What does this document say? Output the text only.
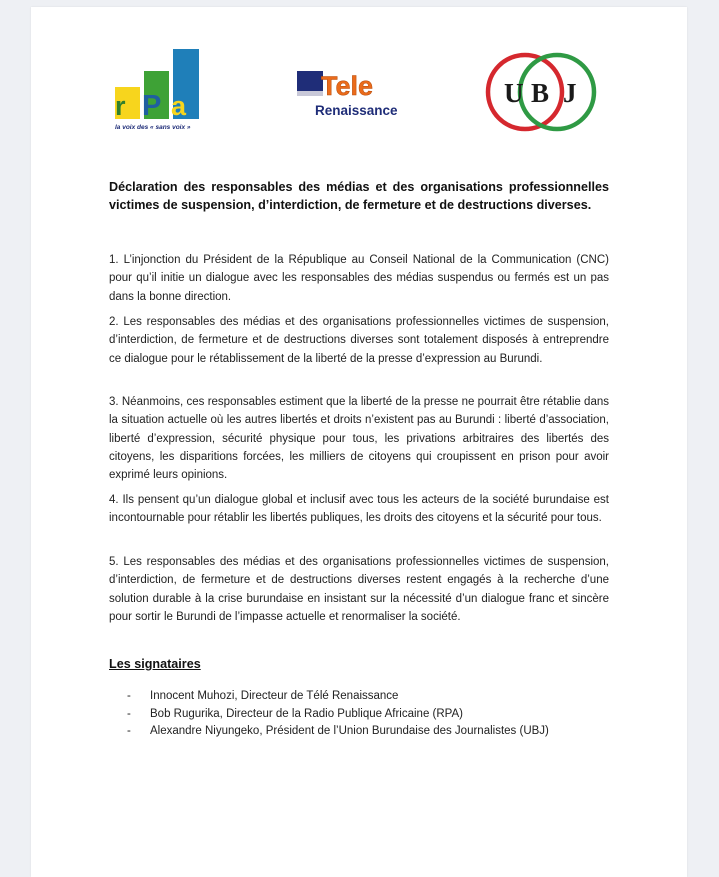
r P a
la voix des « sans voix »
Tele
Renaissance
U B J

Déclaration des responsables des médias et des organisations professionnelles victimes de suspension, d’interdiction, de fermeture et de destructions diverses.

1. L’injonction du Président de la République au Conseil National de la Communication (CNC) pour qu’il initie un dialogue avec les responsables des médias suspendus ou fermés est un pas dans la bonne direction.

2. Les responsables des médias et des organisations professionnelles victimes de suspension, d’interdiction, de fermeture et de destructions diverses sont totalement disposés à entreprendre ce dialogue pour le rétablissement de la liberté de la presse d’expression au Burundi.

3. Néanmoins, ces responsables estiment que la liberté de la presse ne pourrait être rétablie dans la situation actuelle où les autres libertés et droits n’existent pas au Burundi : liberté d’association, liberté d’expression, sécurité physique pour tous, les privations arbitraires des libertés des citoyens, les disparitions forcées, les milliers de citoyens qui croupissent en prison pour avoir exprimé leurs opinions.

4. Ils pensent qu’un dialogue global et inclusif avec tous les acteurs de la société burundaise est incontournable pour rétablir les libertés publiques, les droits des citoyens et la sécurité pour tous.

5. Les responsables des médias et des organisations professionnelles victimes de suspension, d’interdiction, de fermeture et de destructions diverses restent engagés à la recherche d’une solution durable à la crise burundaise en insistant sur la nécessité d’un dialogue franc et sincère pour sortir le Burundi de l’impasse actuelle et renormaliser la société.

Les signataires

- Innocent Muhozi, Directeur de Télé Renaissance
- Bob Rugurika, Directeur de la Radio Publique Africaine (RPA)
- Alexandre Niyungeko, Président de l’Union Burundaise des Journalistes (UBJ)
